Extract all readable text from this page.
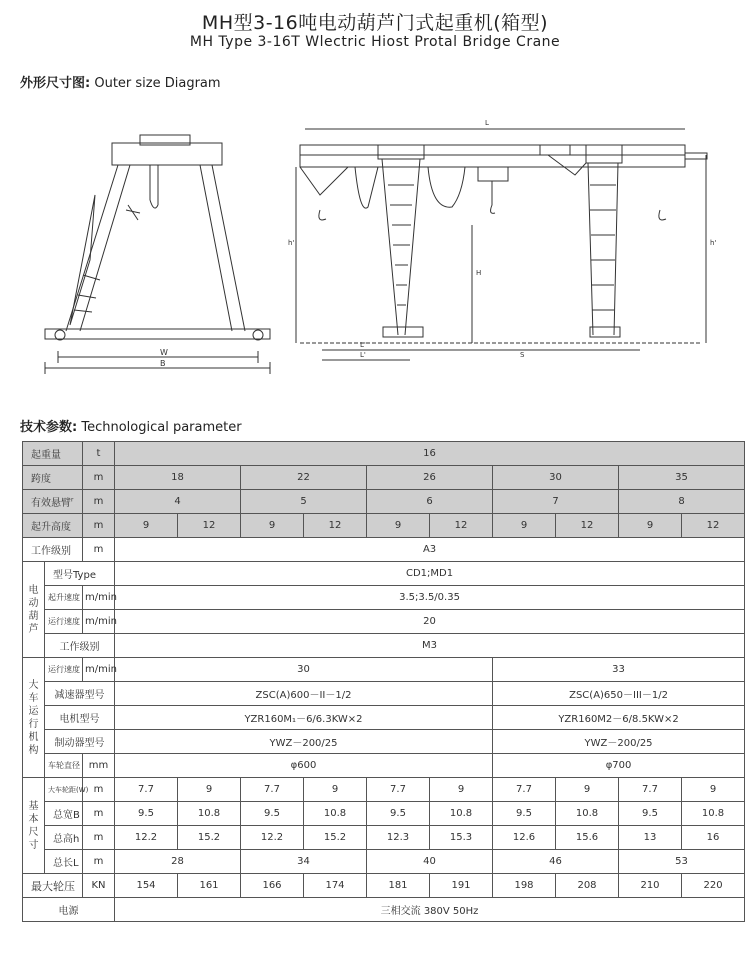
MH型3-16吨电动葫芦门式起重机(箱型)
MH Type 3-16T Wlectric Hiost Protal Bridge Crane
外形尺寸图: Outer size Diagram
W
B
L
L'
L'	S
H
h'	h'
技术参数: Technological parameter
起重量		t	16									
跨度		m	18		22		26		30		35	
有效悬臂$^r$		m	4		5		6		7		8	
起升高度		m	9	12	9	12	9	12	9	12	9	12
工作级别		m	A3									
电动葫芦	型号Type		CD1;MD1									
	起升速度	m/min	3.5;3.5/0.35									
	运行速度	m/min	20									
	工作级别		M3									
大车运行机构	运行速度	m/min	30						33			
	减速器型号		ZSC(A)600－II－1/2						ZSC(A)650－III－1/2			
	电机型号		YZR160M₁－6/6.3KW×2						YZR160M2－6/8.5KW×2			
	制动器型号		YWZ－200/25						YWZ－200/25			
	车轮直径	mm	φ600						φ700			
基本尺寸	大车轮距(W)	m	7.7	9	7.7	9	7.7	9	7.7	9	7.7	9
	总宽B	m	9.5	10.8	9.5	10.8	9.5	10.8	9.5	10.8	9.5	10.8
	总高h	m	12.2	15.2	12.2	15.2	12.3	15.3	12.6	15.6	13	16
	总长L	m	28		34		40		46		53	
最大轮压		KN	154	161	166	174	181	191	198	208	210	220
电源			三相交流 380V 50Hz									
